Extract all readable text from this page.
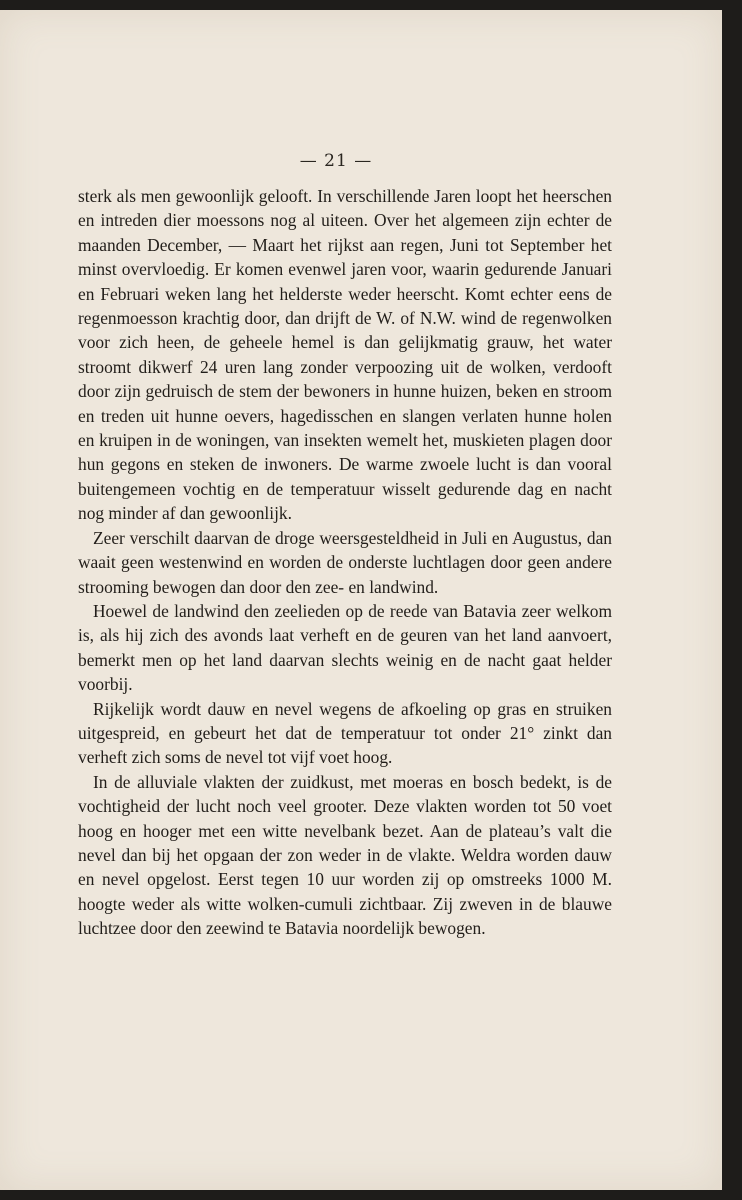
— 21 —

sterk als men gewoonlijk gelooft. In verschillende Jaren loopt het heerschen en intreden dier moessons nog al uiteen. Over het algemeen zijn echter de maanden December, — Maart het rijkst aan regen, Juni tot September het minst overvloedig. Er komen evenwel jaren voor, waarin gedurende Januari en Februari weken lang het helderste weder heerscht. Komt echter eens de regenmoesson krachtig door, dan drijft de W. of N.W. wind de regenwolken voor zich heen, de geheele hemel is dan gelijkmatig grauw, het water stroomt dikwerf 24 uren lang zonder verpoozing uit de wolken, verdooft door zijn gedruisch de stem der bewoners in hunne huizen, beken en stroom en treden uit hunne oevers, hagedisschen en slangen verlaten hunne holen en kruipen in de woningen, van insekten wemelt het, muskieten plagen door hun gegons en steken de inwoners. De warme zwoele lucht is dan vooral buitengemeen vochtig en de temperatuur wisselt gedurende dag en nacht nog minder af dan gewoonlijk.

Zeer verschilt daarvan de droge weersgesteldheid in Juli en Augustus, dan waait geen westenwind en worden de onderste luchtlagen door geen andere strooming bewogen dan door den zee- en landwind.

Hoewel de landwind den zeelieden op de reede van Batavia zeer welkom is, als hij zich des avonds laat verheft en de geuren van het land aanvoert, bemerkt men op het land daarvan slechts weinig en de nacht gaat helder voorbij.

Rijkelijk wordt dauw en nevel wegens de afkoeling op gras en struiken uitgespreid, en gebeurt het dat de temperatuur tot onder 21° zinkt dan verheft zich soms de nevel tot vijf voet hoog.

In de alluviale vlakten der zuidkust, met moeras en bosch bedekt, is de vochtigheid der lucht noch veel grooter. Deze vlakten worden tot 50 voet hoog en hooger met een witte nevelbank bezet. Aan de plateau’s valt die nevel dan bij het opgaan der zon weder in de vlakte. Weldra worden dauw en nevel opgelost. Eerst tegen 10 uur worden zij op omstreeks 1000 M. hoogte weder als witte wolken-cumuli zichtbaar. Zij zweven in de blauwe luchtzee door den zeewind te Batavia noordelijk bewogen.
